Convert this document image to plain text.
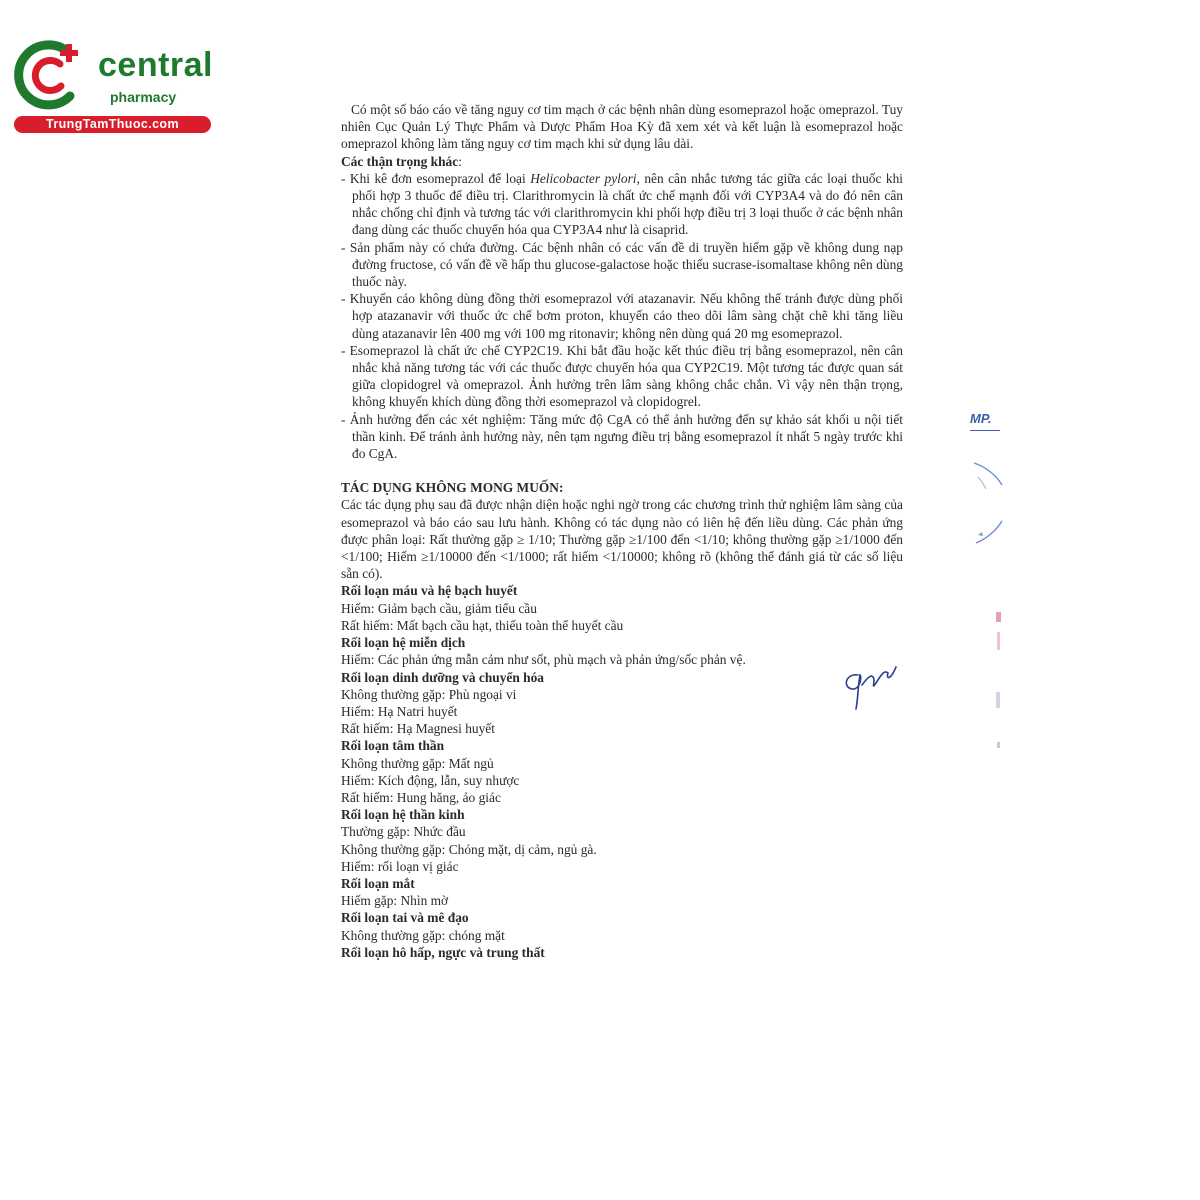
central
pharmacy
TrungTamThuoc.com

Có một số báo cáo về tăng nguy cơ tim mạch ở các bệnh nhân dùng esomeprazol hoặc omeprazol. Tuy nhiên Cục Quản Lý Thực Phẩm và Dược Phẩm Hoa Kỳ đã xem xét và kết luận là esomeprazol hoặc omeprazol không làm tăng nguy cơ tim mạch khi sử dụng lâu dài.

Các thận trọng khác:

- Khi kê đơn esomeprazol để loại Helicobacter pylori, nên cân nhắc tương tác giữa các loại thuốc khi phối hợp 3 thuốc để điều trị. Clarithromycin là chất ức chế mạnh đối với CYP3A4 và do đó nên cân nhắc chống chỉ định và tương tác với clarithromycin khi phối hợp điều trị 3 loại thuốc ở các bệnh nhân đang dùng các thuốc chuyển hóa qua CYP3A4 như là cisaprid.

- Sản phẩm này có chứa đường. Các bệnh nhân có các vấn đề di truyền hiếm gặp về không dung nạp đường fructose, có vấn đề về hấp thu glucose-galactose hoặc thiếu sucrase-isomaltase không nên dùng thuốc này.

- Khuyến cáo không dùng đồng thời esomeprazol với atazanavir. Nếu không thể tránh được dùng phối hợp atazanavir với thuốc ức chế bơm proton, khuyến cáo theo dõi lâm sàng chặt chẽ khi tăng liều dùng atazanavir lên 400 mg với 100 mg ritonavir; không nên dùng quá 20 mg esomeprazol.

- Esomeprazol là chất ức chế CYP2C19. Khi bắt đầu hoặc kết thúc điều trị bằng esomeprazol, nên cân nhắc khả năng tương tác với các thuốc được chuyển hóa qua CYP2C19. Một tương tác được quan sát giữa clopidogrel và omeprazol. Ảnh hưởng trên lâm sàng không chắc chắn. Vì vậy nên thận trọng, không khuyến khích dùng đồng thời esomeprazol và clopidogrel.

- Ảnh hưởng đến các xét nghiệm: Tăng mức độ CgA có thể ảnh hưởng đến sự khảo sát khối u nội tiết thần kinh. Để tránh ảnh hưởng này, nên tạm ngưng điều trị bằng esomeprazol ít nhất 5 ngày trước khi đo CgA.

TÁC DỤNG KHÔNG MONG MUỐN:

Các tác dụng phụ sau đã được nhận diện hoặc nghi ngờ trong các chương trình thử nghiệm lâm sàng của esomeprazol và báo cáo sau lưu hành. Không có tác dụng nào có liên hệ đến liều dùng. Các phản ứng được phân loại: Rất thường gặp ≥ 1/10; Thường gặp ≥1/100 đến <1/10; không thường gặp ≥1/1000 đến <1/100; Hiếm ≥1/10000 đến <1/1000; rất hiếm <1/10000; không rõ (không thể đánh giá từ các số liệu sẵn có).

Rối loạn máu và hệ bạch huyết

Hiếm: Giảm bạch cầu, giảm tiểu cầu

Rất hiếm: Mất bạch cầu hạt, thiếu toàn thể huyết cầu

Rối loạn hệ miễn dịch

Hiếm: Các phản ứng mẫn cảm như sốt, phù mạch và phản ứng/sốc phản vệ.

Rối loạn dinh dưỡng và chuyển hóa

Không thường gặp: Phù ngoại vi

Hiếm: Hạ Natri huyết

Rất hiếm: Hạ Magnesi huyết

Rối loạn tâm thần

Không thường gặp: Mất ngủ

Hiếm: Kích động, lẫn, suy nhược

Rất hiếm: Hung hăng, ảo giác

Rối loạn hệ thần kinh

Thường gặp: Nhức đầu

Không thường gặp: Chóng mặt, dị cảm, ngủ gà.

Hiếm: rối loạn vị giác

Rối loạn mắt

Hiếm gặp: Nhìn mờ

Rối loạn tai và mê đạo

Không thường gặp: chóng mặt

Rối loạn hô hấp, ngực và trung thất

MP.
